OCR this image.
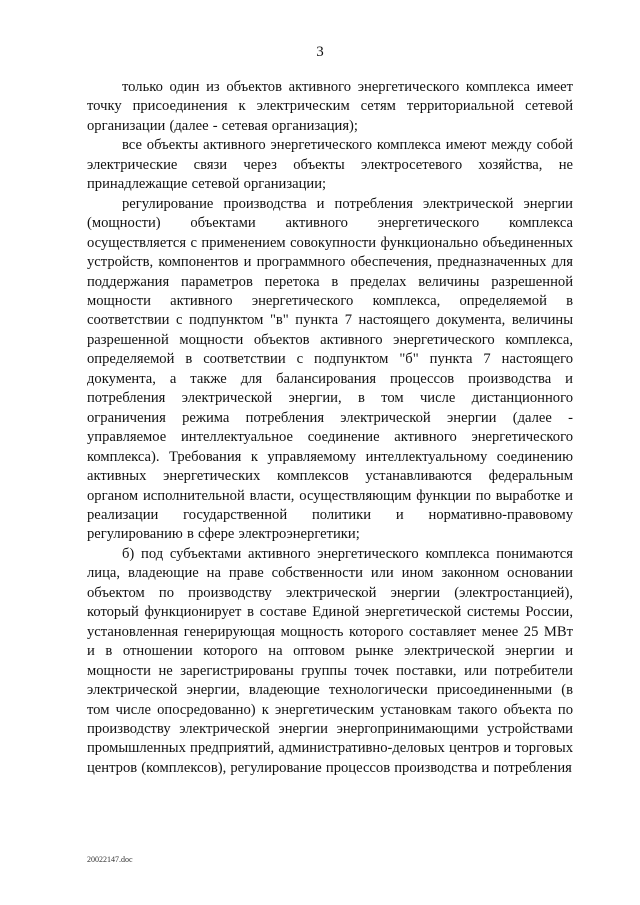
3

только один из объектов активного энергетического комплекса имеет точку присоединения к электрическим сетям территориальной сетевой организации (далее - сетевая организация);

все объекты активного энергетического комплекса имеют между собой электрические связи через объекты электросетевого хозяйства, не принадлежащие сетевой организации;

регулирование производства и потребления электрической энергии (мощности) объектами активного энергетического комплекса осуществляется с применением совокупности функционально объединенных устройств, компонентов и программного обеспечения, предназначенных для поддержания параметров перетока в пределах величины разрешенной мощности активного энергетического комплекса, определяемой в соответствии с подпунктом "в" пункта 7 настоящего документа, величины разрешенной мощности объектов активного энергетического комплекса, определяемой в соответствии с подпунктом "б" пункта 7 настоящего документа, а также для балансирования процессов производства и потребления электрической энергии, в том числе дистанционного ограничения режима потребления электрической энергии (далее - управляемое интеллектуальное соединение активного энергетического комплекса). Требования к управляемому интеллектуальному соединению активных энергетических комплексов устанавливаются федеральным органом исполнительной власти, осуществляющим функции по выработке и реализации государственной политики и нормативно-правовому регулированию в сфере электроэнергетики;

б) под субъектами активного энергетического комплекса понимаются лица, владеющие на праве собственности или ином законном основании объектом по производству электрической энергии (электростанцией), который функционирует в составе Единой энергетической системы России, установленная генерирующая мощность которого составляет менее 25 МВт и в отношении которого на оптовом рынке электрической энергии и мощности не зарегистрированы группы точек поставки, или потребители электрической энергии, владеющие технологически присоединенными (в том числе опосредованно) к энергетическим установкам такого объекта по производству электрической энергии энергопринимающими устройствами промышленных предприятий, административно-деловых центров и торговых центров (комплексов), регулирование процессов производства и потребления

20022147.doc
